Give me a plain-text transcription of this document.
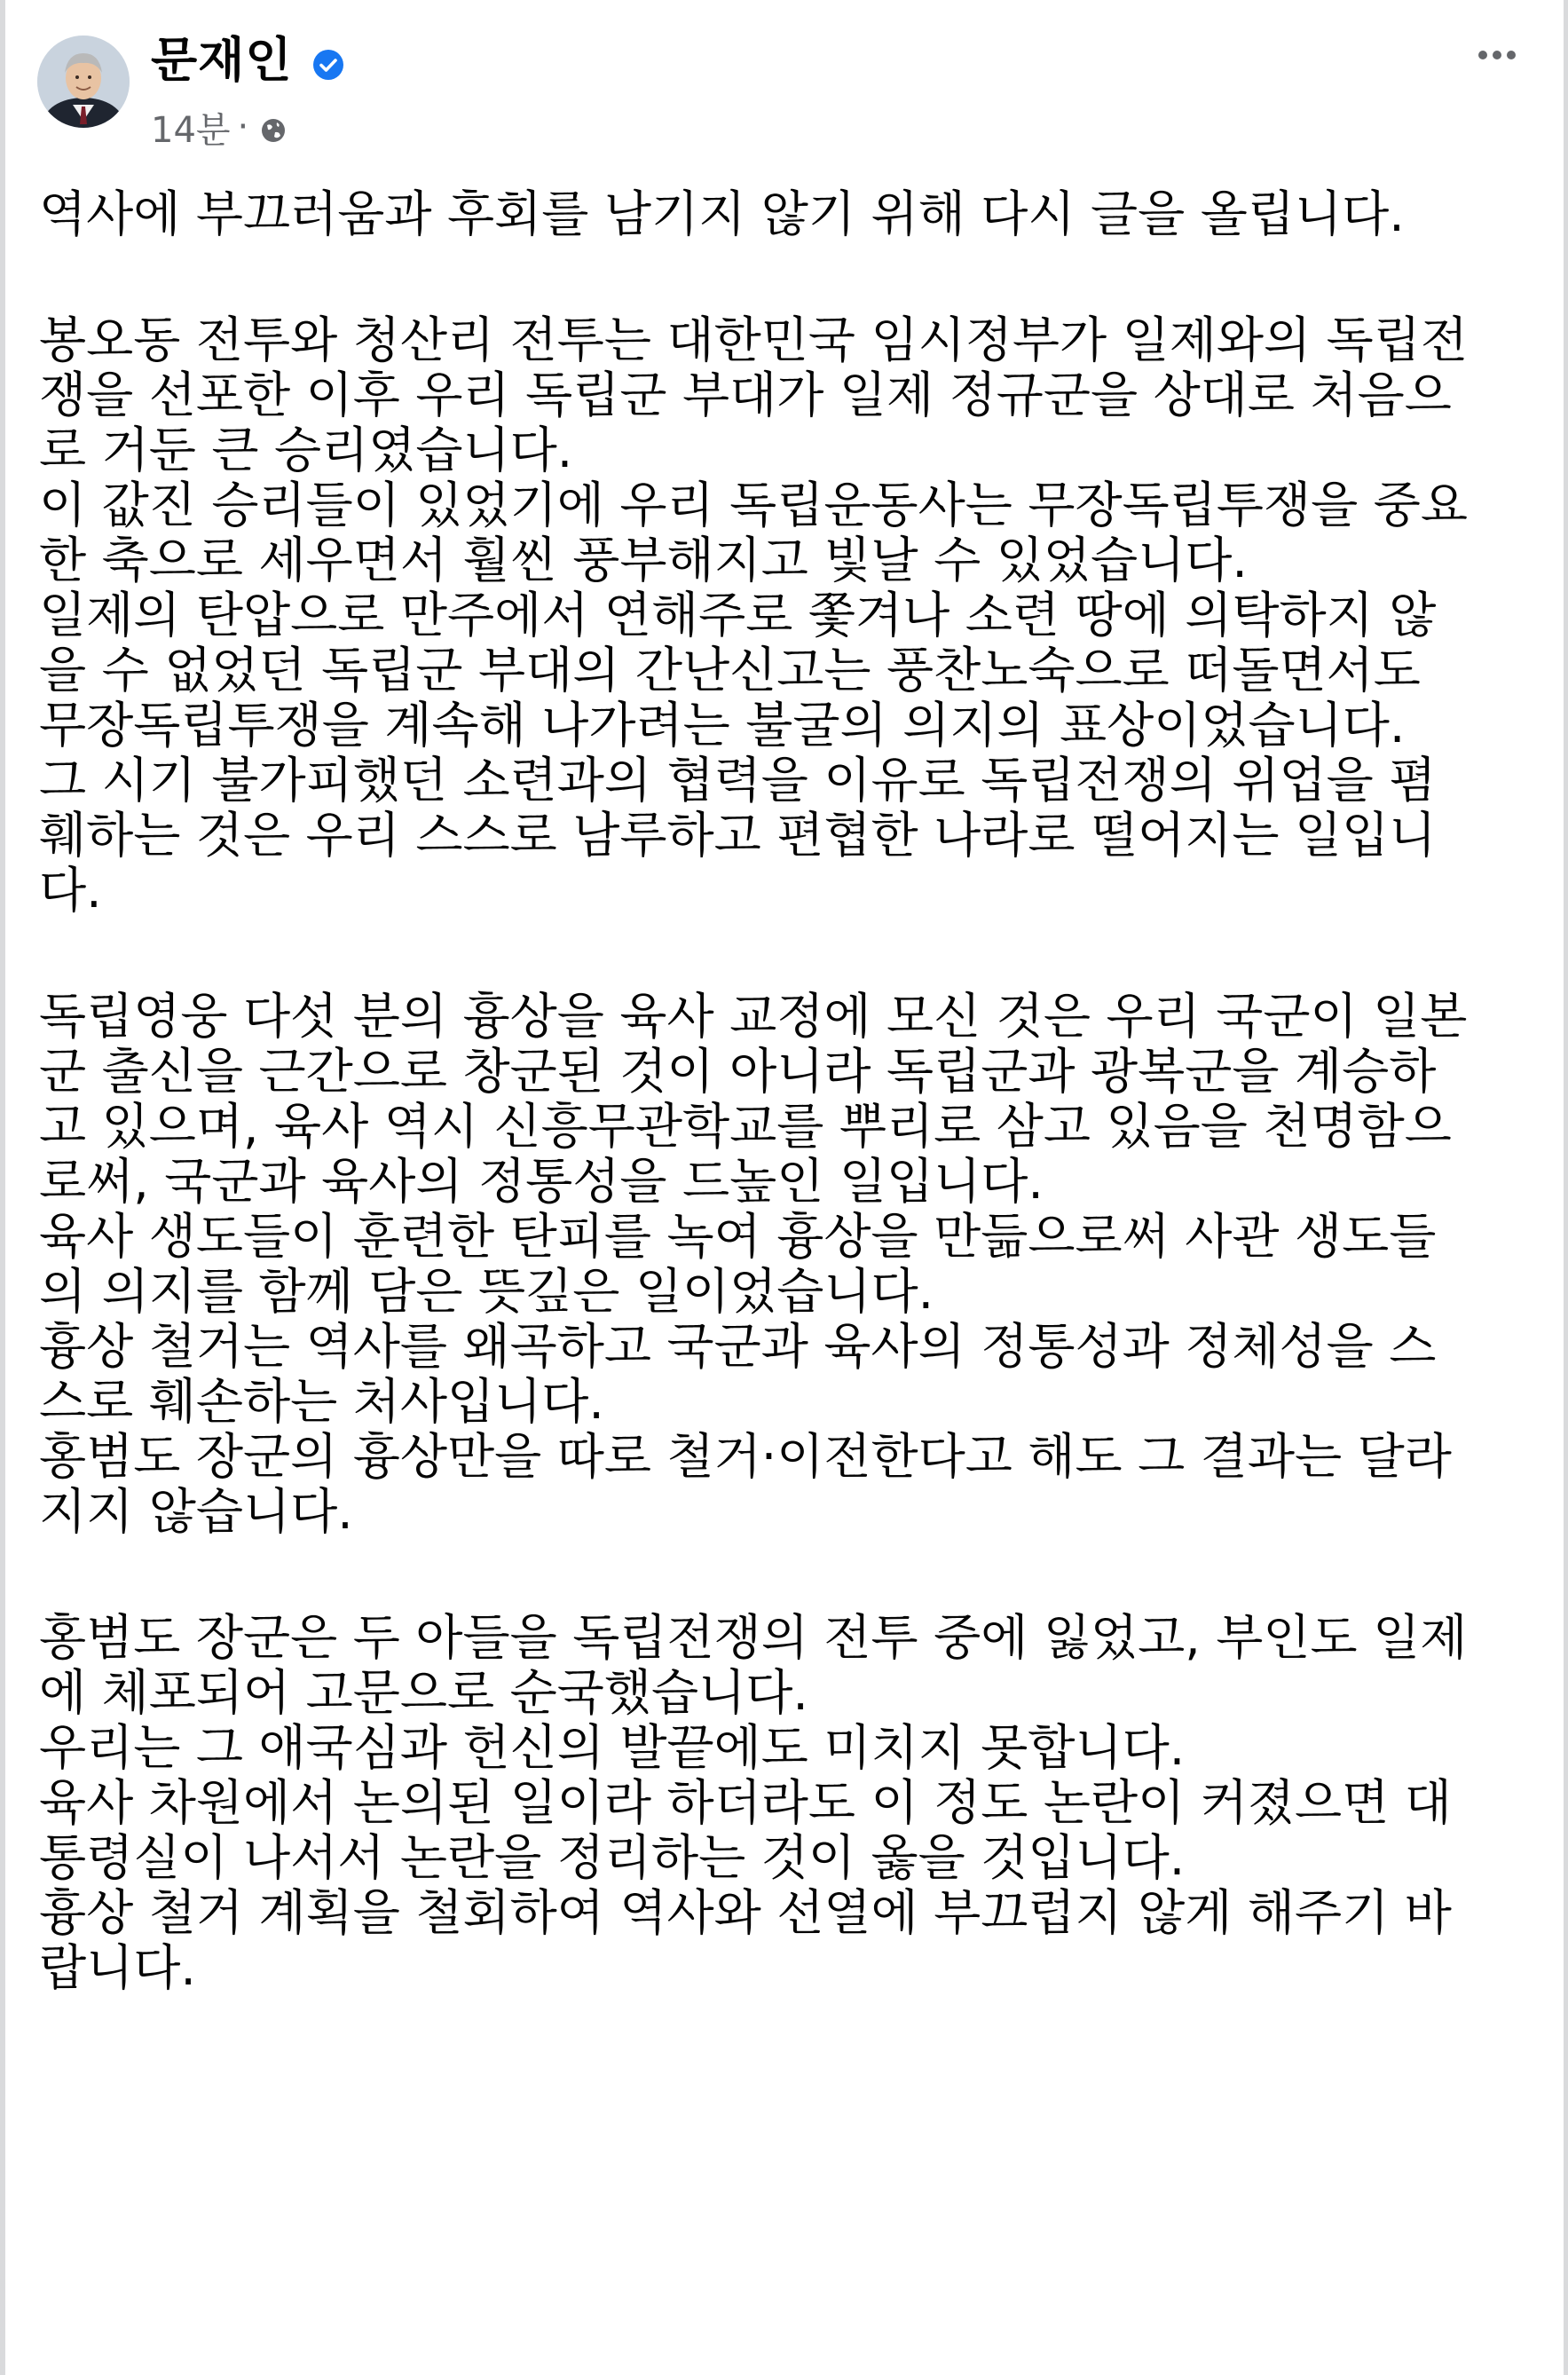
문재인
14분 ·
역사에 부끄러움과 후회를 남기지 않기 위해 다시 글을 올립니다.
봉오동 전투와 청산리 전투는 대한민국 임시정부가 일제와의 독립전
쟁을 선포한 이후 우리 독립군 부대가 일제 정규군을 상대로 처음으
로 거둔 큰 승리였습니다.
이 값진 승리들이 있었기에 우리 독립운동사는 무장독립투쟁을 중요
한 축으로 세우면서 훨씬 풍부해지고 빛날 수 있었습니다.
일제의 탄압으로 만주에서 연해주로 쫓겨나 소련 땅에 의탁하지 않
을 수 없었던 독립군 부대의 간난신고는 풍찬노숙으로 떠돌면서도
무장독립투쟁을 계속해 나가려는 불굴의 의지의 표상이었습니다.
그 시기 불가피했던 소련과의 협력을 이유로 독립전쟁의 위업을 폄
훼하는 것은 우리 스스로 남루하고 편협한 나라로 떨어지는 일입니
다.
독립영웅 다섯 분의 흉상을 육사 교정에 모신 것은 우리 국군이 일본
군 출신을 근간으로 창군된 것이 아니라 독립군과 광복군을 계승하
고 있으며, 육사 역시 신흥무관학교를 뿌리로 삼고 있음을 천명함으
로써, 국군과 육사의 정통성을 드높인 일입니다.
육사 생도들이 훈련한 탄피를 녹여 흉상을 만듦으로써 사관 생도들
의 의지를 함께 담은 뜻깊은 일이었습니다.
흉상 철거는 역사를 왜곡하고 국군과 육사의 정통성과 정체성을 스
스로 훼손하는 처사입니다.
홍범도 장군의 흉상만을 따로 철거·이전한다고 해도 그 결과는 달라
지지 않습니다.
홍범도 장군은 두 아들을 독립전쟁의 전투 중에 잃었고, 부인도 일제
에 체포되어 고문으로 순국했습니다.
우리는 그 애국심과 헌신의 발끝에도 미치지 못합니다.
육사 차원에서 논의된 일이라 하더라도 이 정도 논란이 커졌으면 대
통령실이 나서서 논란을 정리하는 것이 옳을 것입니다.
흉상 철거 계획을 철회하여 역사와 선열에 부끄럽지 않게 해주기 바
랍니다.
